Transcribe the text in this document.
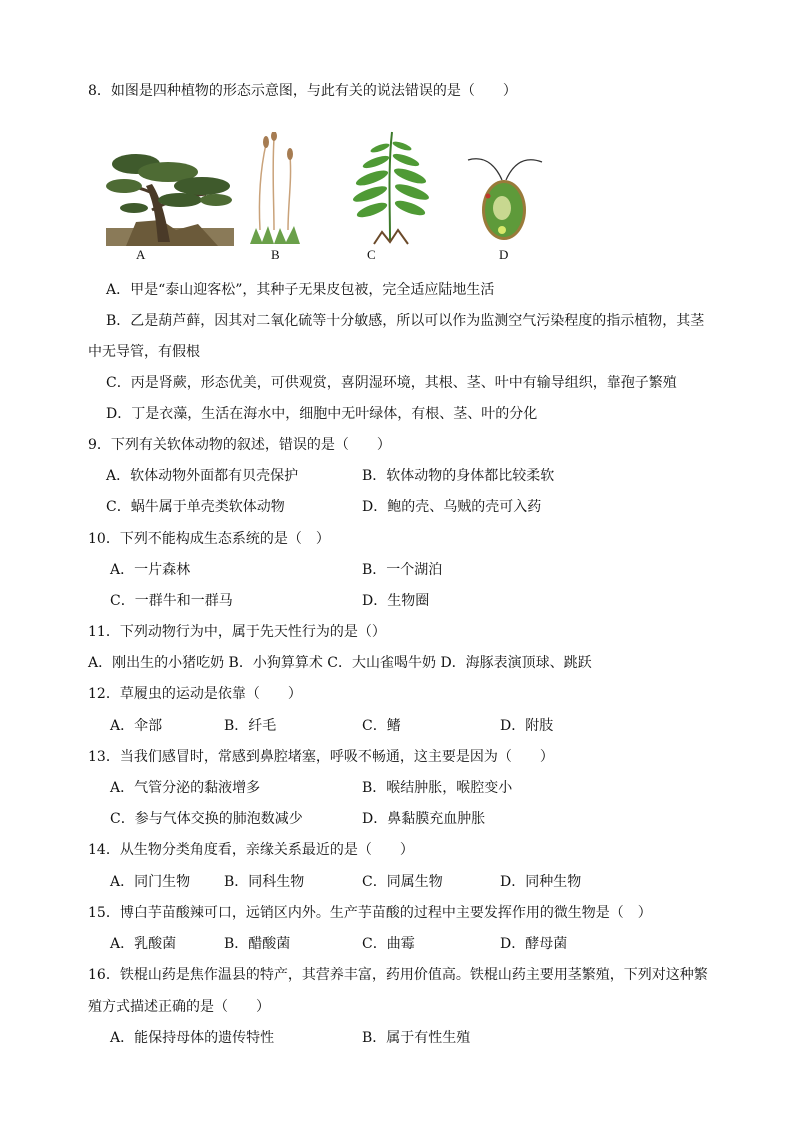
8．如图是四种植物的形态示意图，与此有关的说法错误的是（　　）
A	B	C	D
A．甲是“泰山迎客松”，其种子无果皮包被，完全适应陆地生活
B．乙是葫芦藓，因其对二氧化硫等十分敏感，所以可以作为监测空气污染程度的指示植物，其茎
中无导管，有假根
C．丙是肾蕨，形态优美，可供观赏，喜阴湿环境，其根、茎、叶中有输导组织，靠孢子繁殖
D．丁是衣藻，生活在海水中，细胞中无叶绿体，有根、茎、叶的分化
9．下列有关软体动物的叙述，错误的是（　　）
A．软体动物外面都有贝壳保护	B．软体动物的身体都比较柔软
C．蜗牛属于单壳类软体动物	D．鲍的壳、乌贼的壳可入药
10．下列不能构成生态系统的是（　）
A．一片森林	B．一个湖泊
C．一群牛和一群马	D．生物圈
11．下列动物行为中，属于先天性行为的是（）
A．刚出生的小猪吃奶 B．小狗算算术 C．大山雀喝牛奶 D．海豚表演顶球、跳跃
12．草履虫的运动是依靠（　　）
A．伞部	B．纤毛	C．鳍	D．附肢
13．当我们感冒时，常感到鼻腔堵塞，呼吸不畅通，这主要是因为（　　）
A．气管分泌的黏液增多	B．喉结肿胀，喉腔变小
C．参与气体交换的肺泡数减少	D．鼻黏膜充血肿胀
14．从生物分类角度看，亲缘关系最近的是（　　）
A．同门生物 B．同科生物	C．同属生物	D．同种生物
15．博白芋苗酸辣可口，远销区内外。生产芋苗酸的过程中主要发挥作用的微生物是（　）
A．乳酸菌	B．醋酸菌	C．曲霉	D．酵母菌
16．铁棍山药是焦作温县的特产，其营养丰富，药用价值高。铁棍山药主要用茎繁殖，下列对这种繁
殖方式描述正确的是（　　）
A．能保持母体的遗传特性	B．属于有性生殖
